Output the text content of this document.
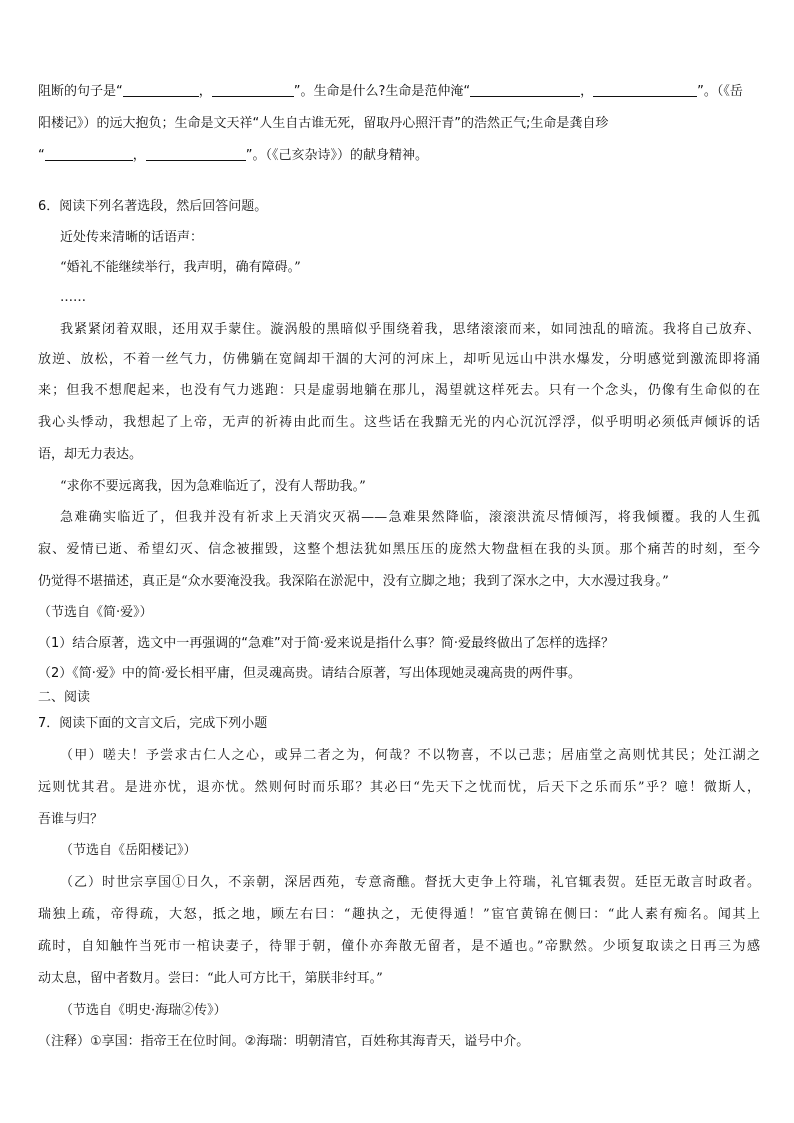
阻断的句子是“	，	”。生命是什么?生命是范仲淹“	，	”。（《岳
阳楼记》）的远大抱负；生命是文天祥“人生自古谁无死，留取丹心照汗青”的浩然正气;生命是龚自珍
“	，	”。（《己亥杂诗》）的献身精神。
6．阅读下列名著选段，然后回答问题。
近处传来清晰的话语声：
“婚礼不能继续举行，我声明，确有障碍。”
……
我紧紧闭着双眼，还用双手蒙住。漩涡般的黑暗似乎围绕着我，思绪滚滚而来，如同浊乱的暗流。我将自己放弃、
放逆、放松，不着一丝气力，仿佛躺在宽阔却干涸的大河的河床上，却听见远山中洪水爆发，分明感觉到激流即将涌
来；但我不想爬起来，也没有气力逃跑：只是虚弱地躺在那儿，渴望就这样死去。只有一个念头，仍像有生命似的在
我心头悸动，我想起了上帝，无声的祈祷由此而生。这些话在我黯无光的内心沉沉浮浮，似乎明明必须低声倾诉的话
语，却无力表达。
“求你不要远离我，因为急难临近了，没有人帮助我。”
急难确实临近了，但我并没有祈求上天消灾灭祸——急难果然降临，滚滚洪流尽情倾泻，将我倾覆。我的人生孤
寂、爱情已逝、希望幻灭、信念被摧毁，这整个想法犹如黑压压的庞然大物盘桓在我的头顶。那个痛苦的时刻，至今
仍觉得不堪描述，真正是“众水要淹没我。我深陷在淤泥中，没有立脚之地；我到了深水之中，大水漫过我身。”
（节选自《简·爱》）
（1）结合原著，选文中一再强调的“急难”对于简·爱来说是指什么事？简·爱最终做出了怎样的选择？
（2）《简·爱》中的简·爱长相平庸，但灵魂高贵。请结合原著，写出体现她灵魂高贵的两件事。
二、阅读
7．阅读下面的文言文后，完成下列小题
（甲）嗟夫！予尝求古仁人之心，或异二者之为，何哉？不以物喜，不以己悲；居庙堂之高则忧其民；处江湖之
远则忧其君。是进亦忧，退亦忧。然则何时而乐耶？其必曰“先天下之忧而忧，后天下之乐而乐”乎？噫！微斯人，
吾谁与归？
（节选自《岳阳楼记》）
（乙）时世宗享国①日久，不亲朝，深居西苑，专意斋醮。督抚大吏争上符瑞，礼官辄表贺。廷臣无敢言时政者。
瑞独上疏，帝得疏，大怒，抵之地，顾左右曰：“趣执之，无使得遁！”宦官黄锦在侧曰：“此人素有痴名。闻其上
疏时，自知触忤当死市一棺诀妻子，待罪于朝，僮仆亦奔散无留者，是不遁也。”帝默然。少顷复取读之日再三为感
动太息，留中者数月。尝曰：“此人可方比干，第朕非纣耳。”
（节选自《明史·海瑞②传》）
（注释）①享国：指帝王在位时间。②海瑞：明朝清官，百姓称其海青天，谥号中介。
